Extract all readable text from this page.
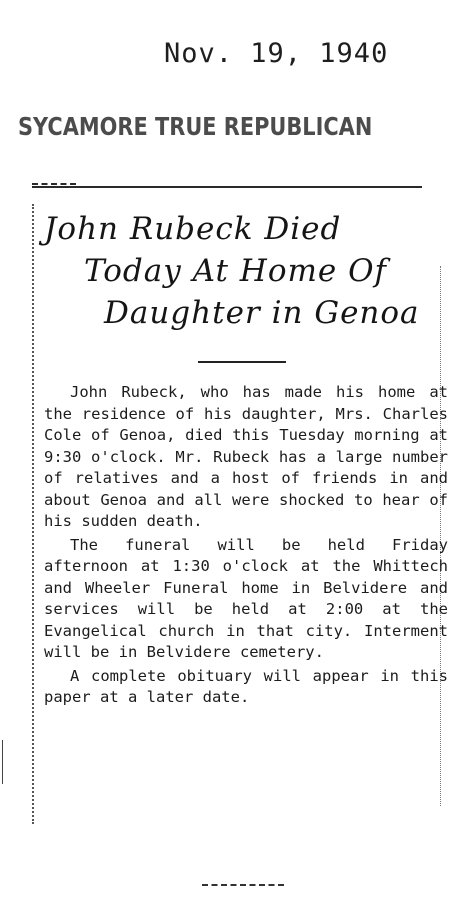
Nov. 19, 1940
SYCAMORE TRUE REPUBLICAN
John Rubeck Died
Today At Home Of
Daughter in Genoa

John Rubeck, who has made his home at the residence of his daughter, Mrs. Charles Cole of Genoa, died this Tuesday morning at 9:30 o'clock. Mr. Rubeck has a large number of relatives and a host of friends in and about Genoa and all were shocked to hear of his sudden death.

The funeral will be held Friday afternoon at 1:30 o'clock at the Whittech and Wheeler Funeral home in Belvidere and services will be held at 2:00 at the Evangelical church in that city. Interment will be in Belvidere cemetery.

A complete obituary will appear in this paper at a later date.
